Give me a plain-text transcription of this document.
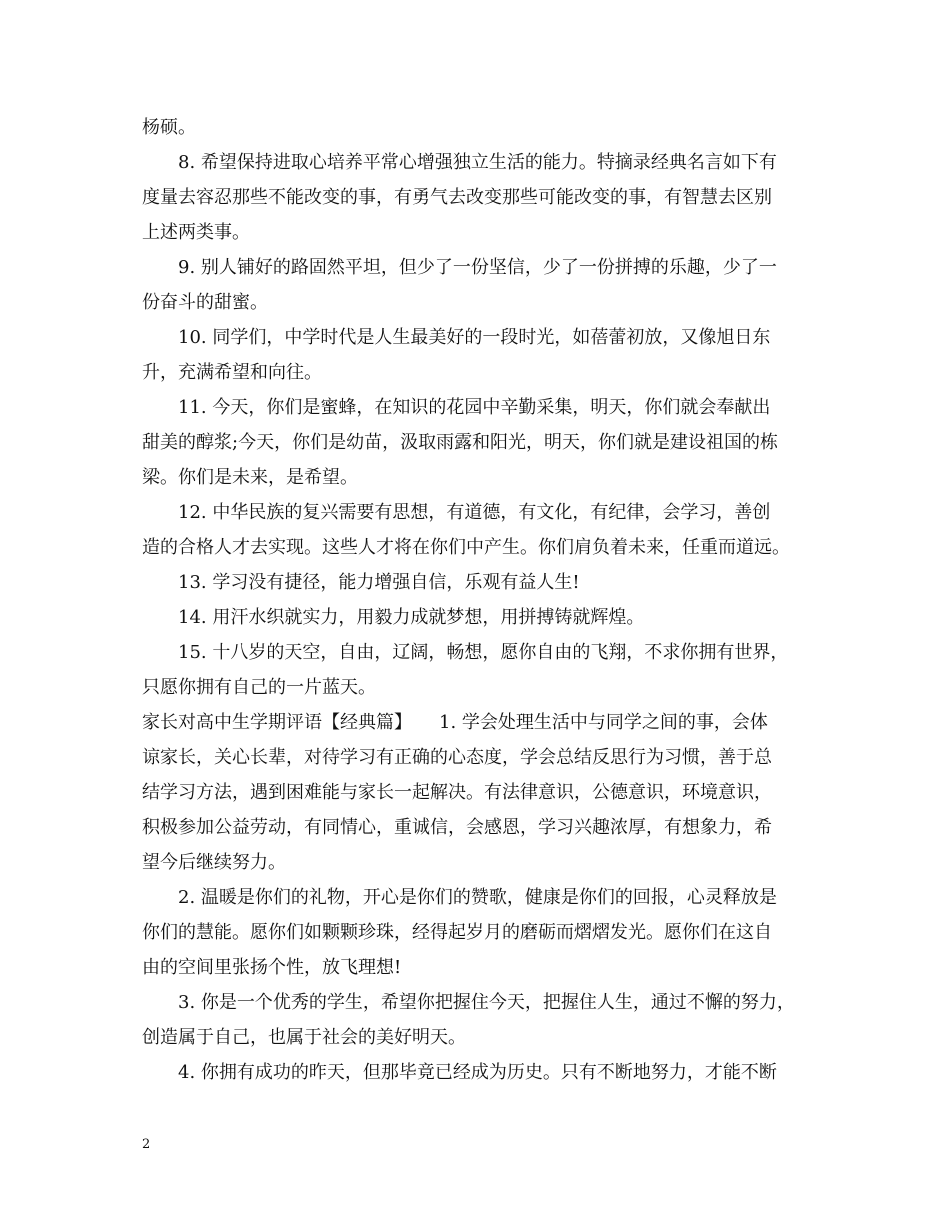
杨硕。
8. 希望保持进取心培养平常心增强独立生活的能力。特摘录经典名言如下有
度量去容忍那些不能改变的事，有勇气去改变那些可能改变的事，有智慧去区别
上述两类事。
9. 别人铺好的路固然平坦，但少了一份坚信，少了一份拼搏的乐趣，少了一
份奋斗的甜蜜。
10. 同学们，中学时代是人生最美好的一段时光，如蓓蕾初放，又像旭日东
升，充满希望和向往。
11. 今天，你们是蜜蜂，在知识的花园中辛勤采集，明天，你们就会奉献出
甜美的醇浆;今天，你们是幼苗，汲取雨露和阳光，明天，你们就是建设祖国的栋
梁。你们是未来，是希望。
12. 中华民族的复兴需要有思想，有道德，有文化，有纪律，会学习，善创
造的合格人才去实现。这些人才将在你们中产生。你们肩负着未来，任重而道远。
13. 学习没有捷径，能力增强自信，乐观有益人生!
14. 用汗水织就实力，用毅力成就梦想，用拼搏铸就辉煌。
15. 十八岁的天空，自由，辽阔，畅想，愿你自由的飞翔，不求你拥有世界，
只愿你拥有自己的一片蓝天。
家长对高中生学期评语【经典篇】　　1. 学会处理生活中与同学之间的事，会体
谅家长，关心长辈，对待学习有正确的心态度，学会总结反思行为习惯，善于总
结学习方法，遇到困难能与家长一起解决。有法律意识，公德意识，环境意识，
积极参加公益劳动，有同情心，重诚信，会感恩，学习兴趣浓厚，有想象力，希
望今后继续努力。
2. 温暖是你们的礼物，开心是你们的赞歌，健康是你们的回报，心灵释放是
你们的慧能。愿你们如颗颗珍珠，经得起岁月的磨砺而熠熠发光。愿你们在这自
由的空间里张扬个性，放飞理想!
3. 你是一个优秀的学生，希望你把握住今天，把握住人生，通过不懈的努力，
创造属于自己，也属于社会的美好明天。
4. 你拥有成功的昨天，但那毕竟已经成为历史。只有不断地努力，才能不断
2
